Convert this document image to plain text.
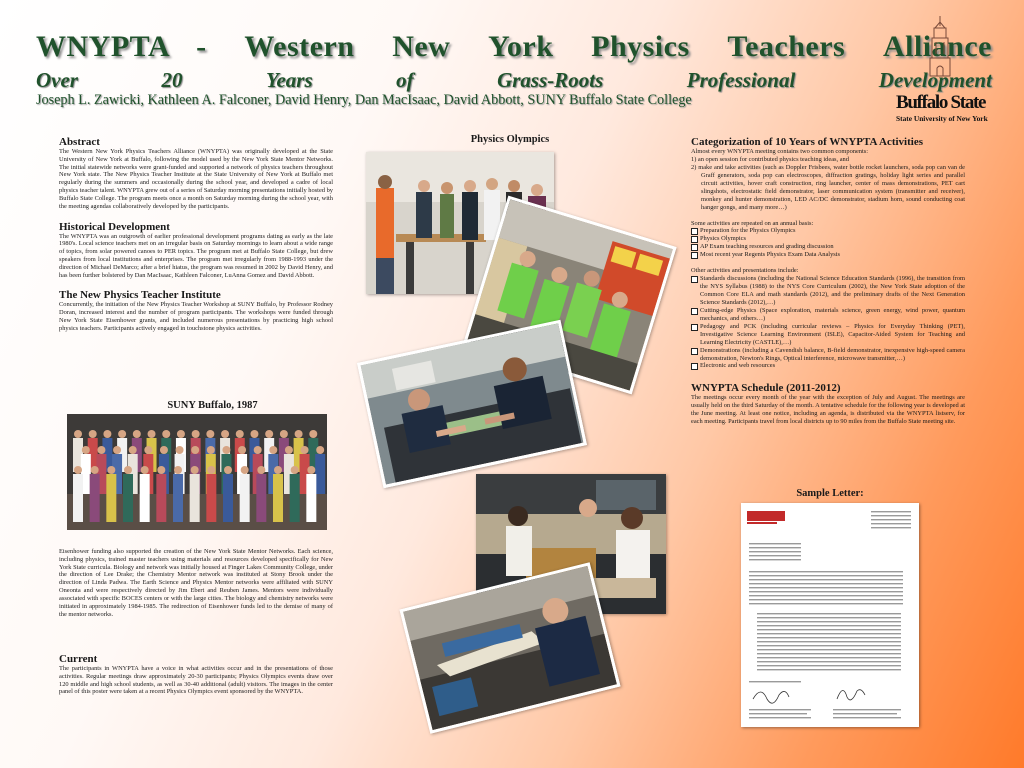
WNYPTA - Western New York Physics Teachers Alliance
Over	20	Years	of	Grass-Roots	Professional	Development
Joseph L. Zawicki, Kathleen A. Falconer, David Henry, Dan MacIsaac, David Abbott, SUNY Buffalo State College	Buffalo State
State University of New York
Abstract

The Western New York Physics Teachers Alliance (WNYPTA) was originally developed at the State University of New York at Buffalo, following the model used by the New York State Mentor Networks. The initial statewide networks were grant-funded and supported a network of physics teachers throughout New York state. The New Physics Teacher Institute at the State University of New York at Buffalo met regularly during the summers and occasionally during the school year, and developed a cadre of local physics teacher talent. WNYPTA grew out of a series of Saturday morning presentations initially hosted by Buffalo State College. The program meets once a month on Saturday morning during the school year, with the meeting agendas collaboratively developed by the participants.

Historical Development

The WNYPTA was an outgrowth of earlier professional development programs dating as early as the late 1980's. Local science teachers met on an irregular basis on Saturday mornings to learn about a wide range of topics, from solar powered canoes to PER topics. The program met at Buffalo State College, but drew speakers from local institutions and enterprises. The program met irregularly from 1988-1993 under the direction of Michael DeMarco; after a brief hiatus, the program was resumed in 2002 by David Henry, and has been further bolstered by Dan MacIsaac, Kathleen Falconer, LuAnna Gomez and David Abbott.

The New Physics Teacher Institute

Concurrently, the initiation of the New Physics Teacher Workshop at SUNY Buffalo, by Professor Rodney Doran, increased interest and the number of program participants. The workshops were funded through New York State Eisenhower grants, and included numerous presentations by practicing high school physics teachers. Participants actively engaged in touchstone physics activities.

SUNY Buffalo, 1987

Eisenhower funding also supported the creation of the New York State Mentor Networks. Each science, including physics, trained master teachers using materials and resources developed specifically for New York State curricula. Biology and network was initially housed at Finger Lakes Community College, under the direction of Lee Drake; the Chemistry Mentor network was instituted at Stony Brook under the direction of Linda Padwa. The Earth Science and Physics Mentor networks were affiliated with SUNY Oneonta and were respectively directed by Jim Ebert and Reuben James. Mentors were individually associated with specific BOCES centers or with the large cities. The biology and chemistry networks were initiated in approximately 1984-1985. The redirection of Eisenhower funds led to the demise of many of the mentor networks.

Current

The participants in WNYPTA have a voice in what activities occur and in the presentations of those activities. Regular meetings draw approximately 20-30 participants; Physics Olympics events draw over 120 middle and high school students, as well as 30-40 additional (adult) visitors. The images in the center panel of this poster were taken at a recent Physics Olympics event sponsored by the WNYPTA.

Physics Olympics	Categorization of 10 Years of WNYPTA Activities

Almost every WNYPTA meeting contains two common components:

1) an open session for contributed physics teaching ideas, and

2) make and take activities (such as Doppler Frisbees, water bottle rocket launchers, soda pop can van de Graff generators, soda pop can electroscopes, diffraction gratings, holiday light series and parallel circuit activities, hover craft construction, ring launcher, center of mass demonstrations, PET cart slingshots, electrostatic field demonstrator, laser communication system (transmitter and receiver), monkey and hunter demonstration, LED AC/DC demonstrator, stadium horn, sound conducting coat hanger gongs, and many more…)

Some activities are repeated on an annual basis:

Preparation for the Physics Olympics
Physics Olympics
AP Exam teaching resources and grading discussion
Most recent year Regents Physics Exam Data Analysis

Other activities and presentations include:

Standards discussions (including the National Science Education Standards (1996), the transition from the NYS Syllabus (1988) to the NYS Core Curriculum (2002), the New York State adoption of the Common Core ELA and math standards (2012), and the preliminary drafts of the Next Generation Science Standards (2012),…)
Cutting-edge Physics (Space exploration, materials science, green energy, wind power, quantum mechanics, and others…)
Pedagogy and PCK (including curricular reviews – Physics for Everyday Thinking (PET), Investigative Science Learning Environment (ISLE), Capacitor-Aided System for Teaching and Learning Electricity (CASTLE),…)
Demonstrations (including a Cavendish balance, B-field demonstrator, inexpensive high-speed camera demonstration, Newton's Rings, Optical interference, microwave transmitter,…)
Electronic and web resources
WNYPTA Schedule (2011-2012)

The meetings occur every month of the year with the exception of July and August. The meetings are usually held on the third Saturday of the month. A tentative schedule for the following year is developed at the June meeting. At least one notice, including an agenda, is distributed via the WNYPTA listserv, for each meeting. Participants travel from local districts up to 90 miles from the Buffalo State meeting site.

Sample Letter:
